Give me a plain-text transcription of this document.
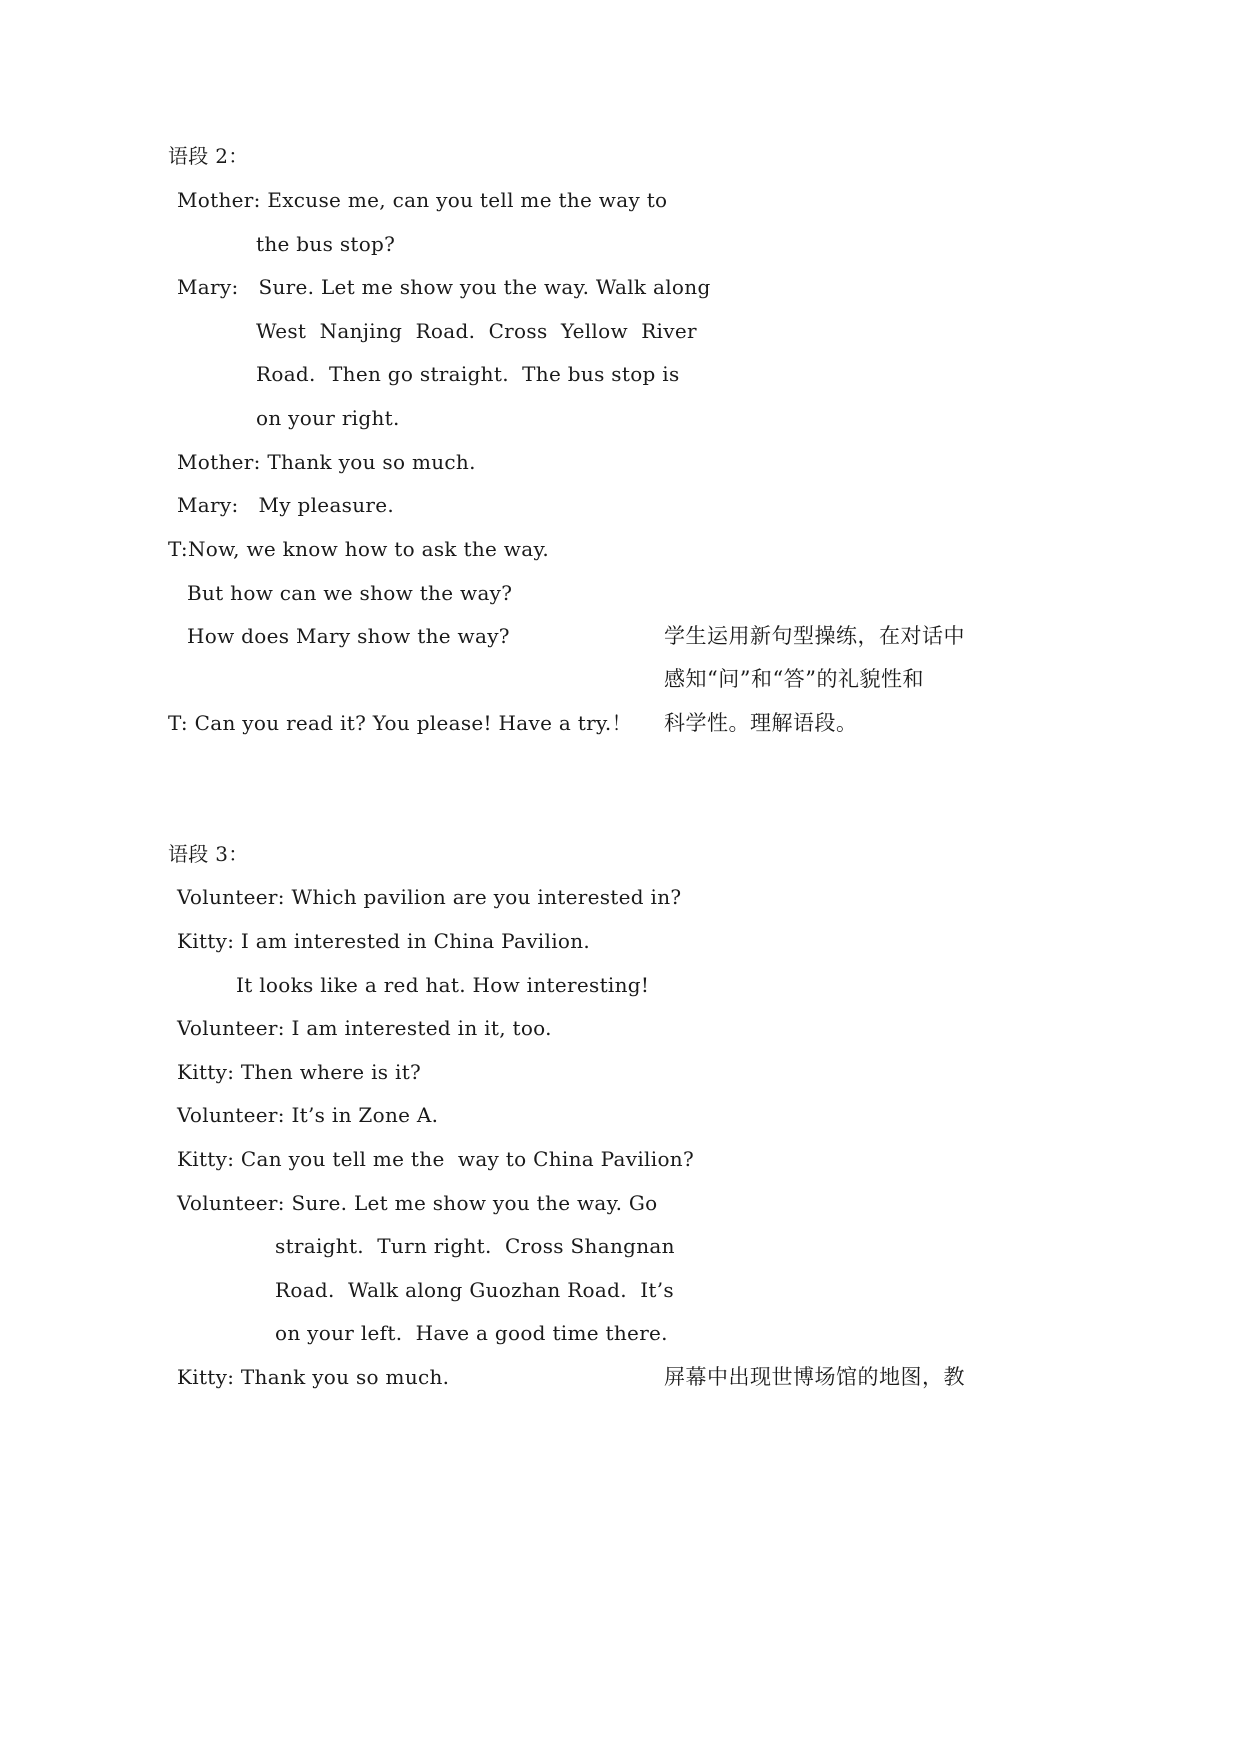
语段 2：
Mother: Excuse me, can you tell me the way to
the bus stop?
Mary:   Sure. Let me show you the way. Walk along
West  Nanjing  Road.  Cross  Yellow  River
Road.  Then go straight.  The bus stop is
on your right.
Mother: Thank you so much.
Mary:   My pleasure.
T:Now, we know how to ask the way.
But how can we show the way?
How does Mary show the way?
T: Can you read it? You please! Have a try.！
学生运用新句型操练，在对话中
感知“问”和“答”的礼貌性和
科学性。理解语段。
语段 3：
Volunteer: Which pavilion are you interested in?
Kitty: I am interested in China Pavilion.
It looks like a red hat. How interesting!
Volunteer: I am interested in it, too.
Kitty: Then where is it?
Volunteer: It’s in Zone A.
Kitty: Can you tell me the  way to China Pavilion?
Volunteer: Sure. Let me show you the way. Go
straight.  Turn right.  Cross Shangnan
Road.  Walk along Guozhan Road.  It’s
on your left.  Have a good time there.
Kitty: Thank you so much.	屏幕中出现世博场馆的地图，教
